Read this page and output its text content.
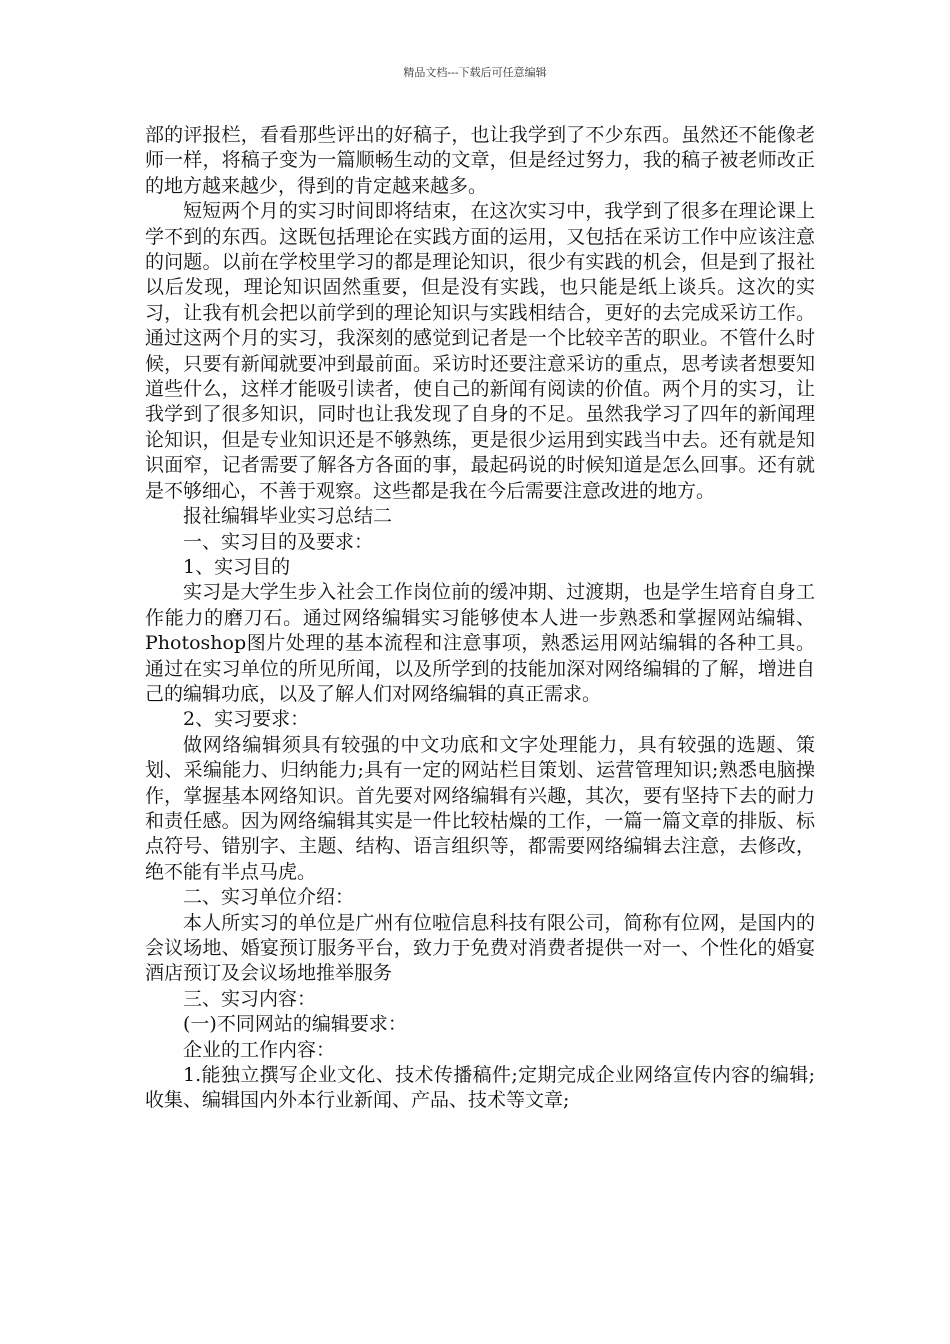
精品文档---下载后可任意编辑

部的评报栏，看看那些评出的好稿子，也让我学到了不少东西。虽然还不能像老师一样，将稿子变为一篇顺畅生动的文章，但是经过努力，我的稿子被老师改正的地方越来越少，得到的肯定越来越多。

短短两个月的实习时间即将结束，在这次实习中，我学到了很多在理论课上学不到的东西。这既包括理论在实践方面的运用，又包括在采访工作中应该注意的问题。以前在学校里学习的都是理论知识，很少有实践的机会，但是到了报社以后发现，理论知识固然重要，但是没有实践，也只能是纸上谈兵。这次的实习，让我有机会把以前学到的理论知识与实践相结合，更好的去完成采访工作。通过这两个月的实习，我深刻的感觉到记者是一个比较辛苦的职业。不管什么时候，只要有新闻就要冲到最前面。采访时还要注意采访的重点，思考读者想要知道些什么，这样才能吸引读者，使自己的新闻有阅读的价值。两个月的实习，让我学到了很多知识，同时也让我发现了自身的不足。虽然我学习了四年的新闻理论知识，但是专业知识还是不够熟练，更是很少运用到实践当中去。还有就是知识面窄，记者需要了解各方各面的事，最起码说的时候知道是怎么回事。还有就是不够细心，不善于观察。这些都是我在今后需要注意改进的地方。

报社编辑毕业实习总结二

一、实习目的及要求：

1、实习目的

实习是大学生步入社会工作岗位前的缓冲期、过渡期，也是学生培育自身工作能力的磨刀石。通过网络编辑实习能够使本人进一步熟悉和掌握网站编辑、Photoshop图片处理的基本流程和注意事项，熟悉运用网站编辑的各种工具。通过在实习单位的所见所闻，以及所学到的技能加深对网络编辑的了解，增进自己的编辑功底，以及了解人们对网络编辑的真正需求。

2、实习要求：

做网络编辑须具有较强的中文功底和文字处理能力，具有较强的选题、策划、采编能力、归纳能力;具有一定的网站栏目策划、运营管理知识;熟悉电脑操作，掌握基本网络知识。首先要对网络编辑有兴趣，其次，要有坚持下去的耐力和责任感。因为网络编辑其实是一件比较枯燥的工作，一篇一篇文章的排版、标点符号、错别字、主题、结构、语言组织等，都需要网络编辑去注意，去修改，绝不能有半点马虎。

二、实习单位介绍：

本人所实习的单位是广州有位啦信息科技有限公司，简称有位网，是国内的会议场地、婚宴预订服务平台，致力于免费对消费者提供一对一、个性化的婚宴酒店预订及会议场地推举服务

三、实习内容：

(一)不同网站的编辑要求：

企业的工作内容：

1.能独立撰写企业文化、技术传播稿件;定期完成企业网络宣传内容的编辑;收集、编辑国内外本行业新闻、产品、技术等文章;
